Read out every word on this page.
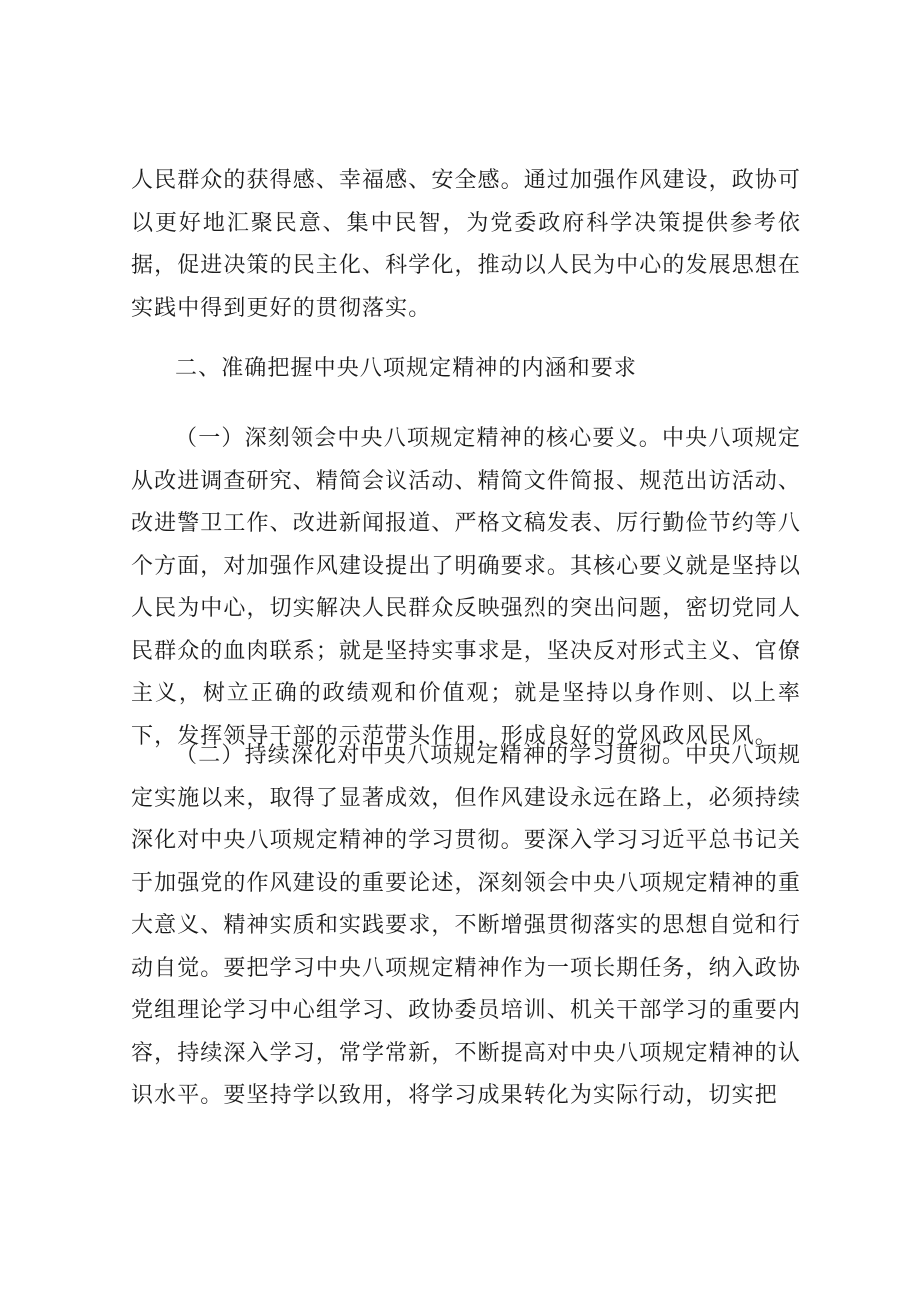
人民群众的获得感、幸福感、安全感。通过加强作风建设，政协可以更好地汇聚民意、集中民智，为党委政府科学决策提供参考依据，促进决策的民主化、科学化，推动以人民为中心的发展思想在实践中得到更好的贯彻落实。

二、准确把握中央八项规定精神的内涵和要求

（一）深刻领会中央八项规定精神的核心要义。中央八项规定从改进调查研究、精简会议活动、精简文件简报、规范出访活动、改进警卫工作、改进新闻报道、严格文稿发表、厉行勤俭节约等八个方面，对加强作风建设提出了明确要求。其核心要义就是坚持以人民为中心，切实解决人民群众反映强烈的突出问题，密切党同人民群众的血肉联系；就是坚持实事求是，坚决反对形式主义、官僚主义，树立正确的政绩观和价值观；就是坚持以身作则、以上率下，发挥领导干部的示范带头作用，形成良好的党风政风民风。

（二）持续深化对中央八项规定精神的学习贯彻。中央八项规定实施以来，取得了显著成效，但作风建设永远在路上，必须持续深化对中央八项规定精神的学习贯彻。要深入学习习近平总书记关于加强党的作风建设的重要论述，深刻领会中央八项规定精神的重大意义、精神实质和实践要求，不断增强贯彻落实的思想自觉和行动自觉。要把学习中央八项规定精神作为一项长期任务，纳入政协党组理论学习中心组学习、政协委员培训、机关干部学习的重要内容，持续深入学习，常学常新，不断提高对中央八项规定精神的认识水平。要坚持学以致用，将学习成果转化为实际行动，切实把
